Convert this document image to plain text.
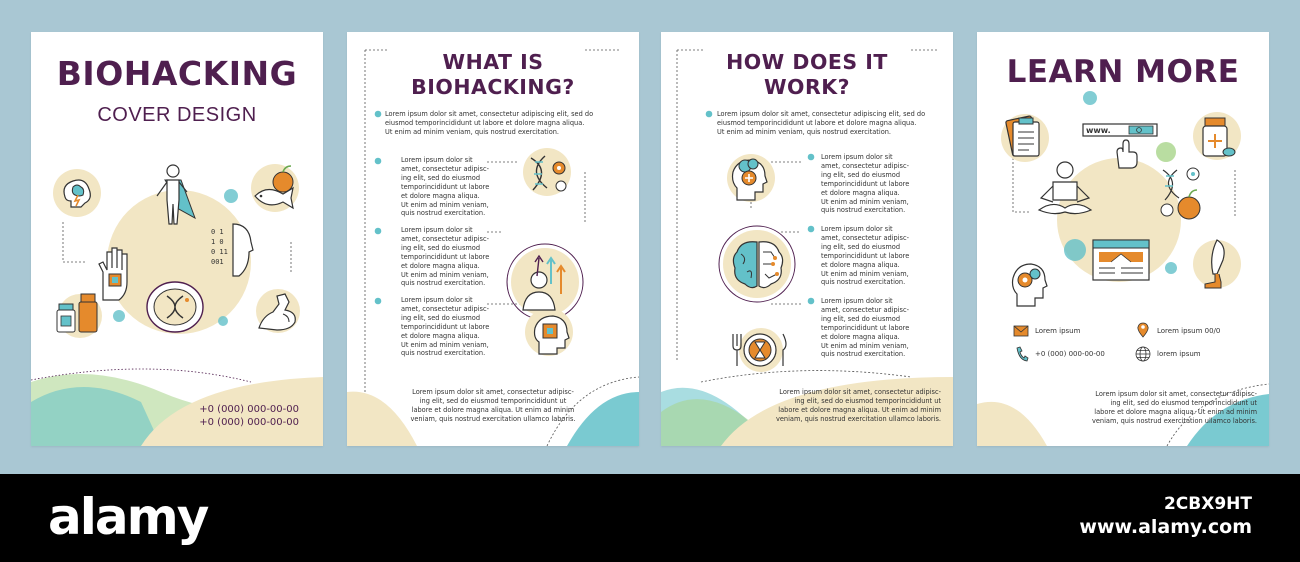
BIOHACKING
COVER DESIGN
0 1
1 0
0 11
001
+0 (000) 000-00-00
+0 (000) 000-00-00
WHAT IS
BIOHACKING?
Lorem ipsum dolor sit amet, consectetur adipiscing elit, sed do
eiusmod temporincididunt ut labore et dolore magna aliqua.
Ut enim ad minim veniam, quis nostrud exercitation.
Lorem ipsum dolor sit
amet, consectetur adipisc-
ing elit, sed do eiusmod
temporincididunt ut labore
et dolore magna aliqua.
Ut enim ad minim veniam,
quis nostrud exercitation.
Lorem ipsum dolor sit
amet, consectetur adipisc-
ing elit, sed do eiusmod
temporincididunt ut labore
et dolore magna aliqua.
Ut enim ad minim veniam,
quis nostrud exercitation.
Lorem ipsum dolor sit
amet, consectetur adipisc-
ing elit, sed do eiusmod
temporincididunt ut labore
et dolore magna aliqua.
Ut enim ad minim veniam,
quis nostrud exercitation.
Lorem ipsum dolor sit amet, consectetur adipisc-
ing elit, sed do eiusmod temporincididunt ut
labore et dolore magna aliqua. Ut enim ad minim
veniam, quis nostrud exercitation ullamco laboris.
HOW DOES IT
WORK?
Lorem ipsum dolor sit amet, consectetur adipiscing elit, sed do
eiusmod temporincididunt ut labore et dolore magna aliqua.
Ut enim ad minim veniam, quis nostrud exercitation.
Lorem ipsum dolor sit
amet, consectetur adipisc-
ing elit, sed do eiusmod
temporincididunt ut labore
et dolore magna aliqua.
Ut enim ad minim veniam,
quis nostrud exercitation.
Lorem ipsum dolor sit
amet, consectetur adipisc-
ing elit, sed do eiusmod
temporincididunt ut labore
et dolore magna aliqua.
Ut enim ad minim veniam,
quis nostrud exercitation.
Lorem ipsum dolor sit
amet, consectetur adipisc-
ing elit, sed do eiusmod
temporincididunt ut labore
et dolore magna aliqua.
Ut enim ad minim veniam,
quis nostrud exercitation.
Lorem ipsum dolor sit amet, consectetur adipisc-
ing elit, sed do eiusmod temporincididunt ut
labore et dolore magna aliqua. Ut enim ad minim
veniam, quis nostrud exercitation ullamco laboris.
LEARN MORE
www.
Lorem ipsum	Lorem ipsum 00/0
+0 (000) 000-00-00	lorem ipsum
Lorem ipsum dolor sit amet, consectetur adipisc-
ing elit, sed do eiusmod temporincididunt ut
labore et dolore magna aliqua. Ut enim ad minim
veniam, quis nostrud exercitation ullamco laboris.
alamy	2CBX9HT
www.alamy.com
